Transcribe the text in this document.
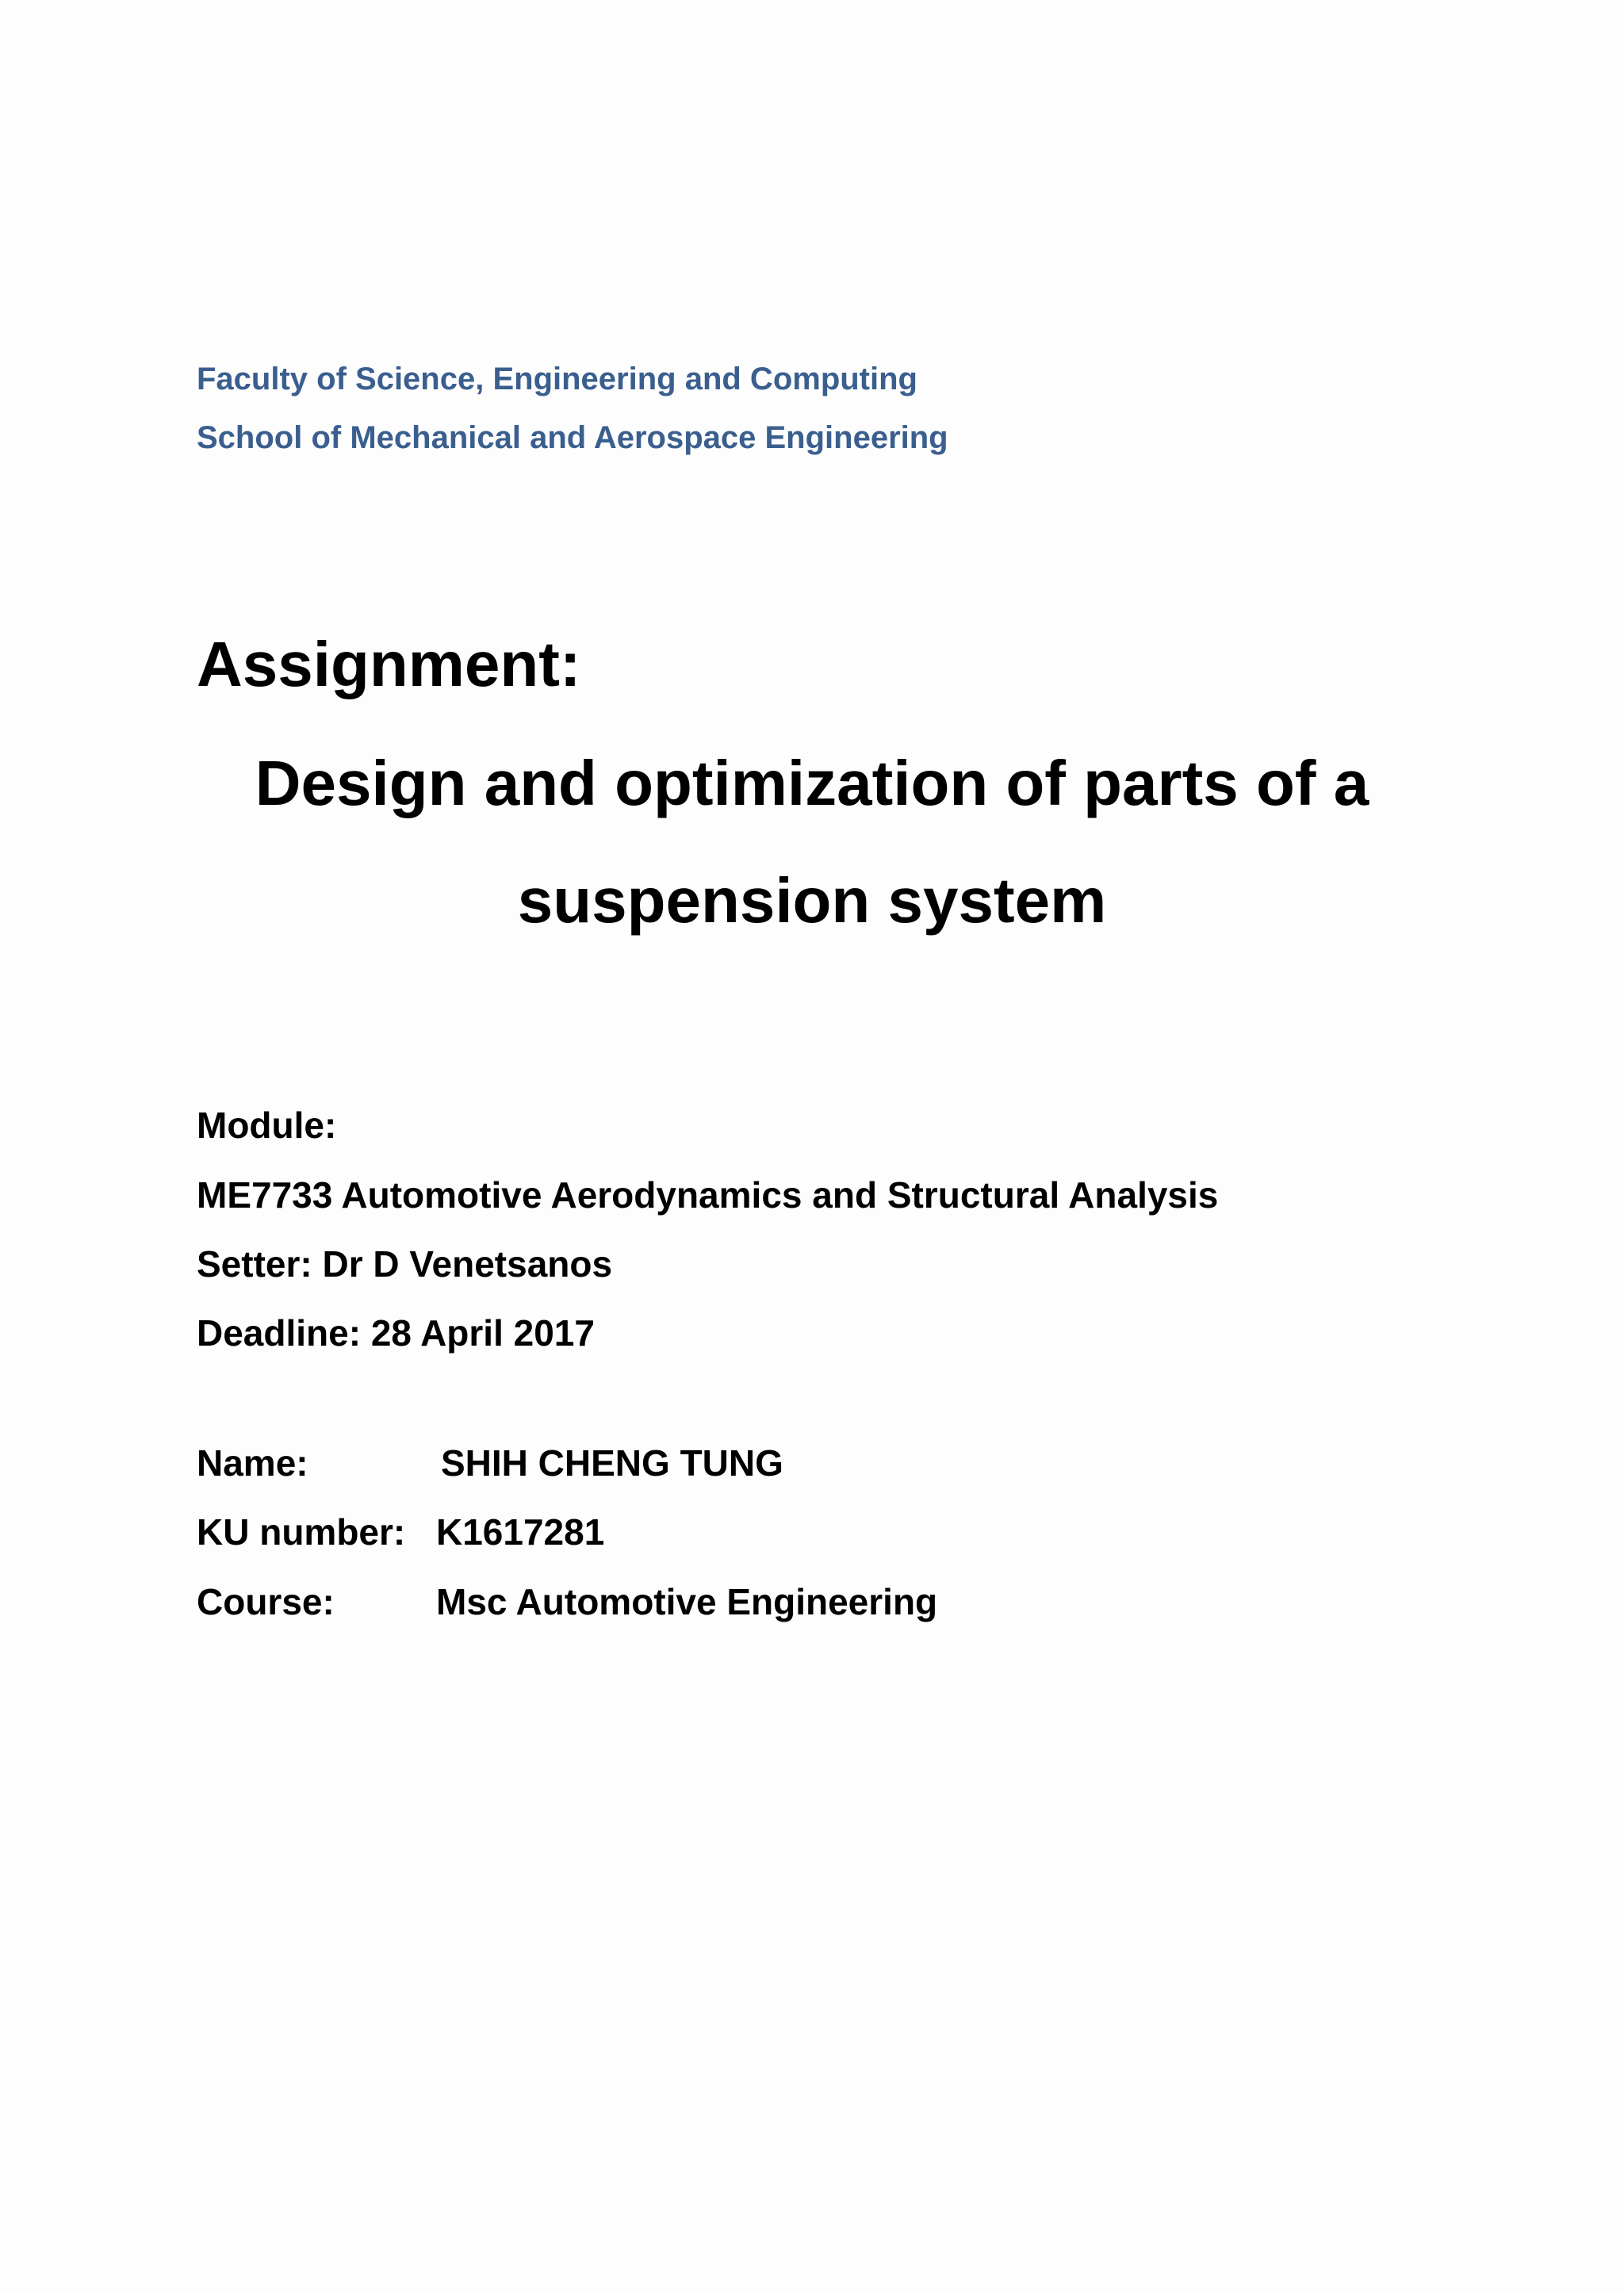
Faculty of Science, Engineering and Computing
School of Mechanical and Aerospace Engineering
Assignment:
Design and optimization of parts of a
suspension system
Module:
ME7733 Automotive Aerodynamics and Structural Analysis
Setter: Dr D Venetsanos
Deadline: 28 April 2017
Name:	SHIH CHENG TUNG
KU number: K1617281
Course:	Msc Automotive Engineering
